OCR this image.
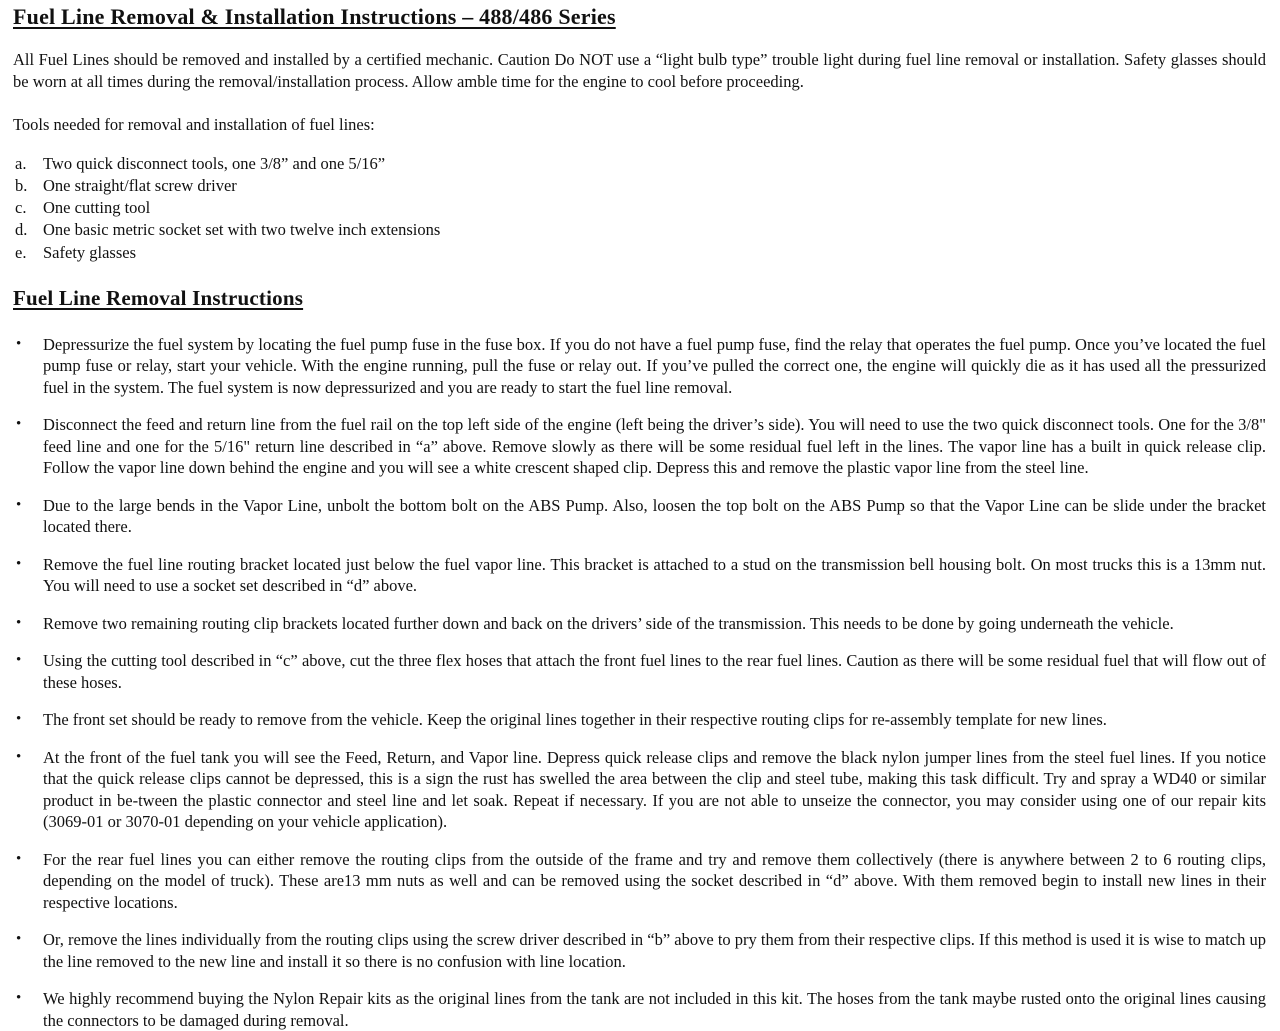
Fuel Line Removal & Installation Instructions – 488/486 Series

All Fuel Lines should be removed and installed by a certified mechanic. Caution Do NOT use a “light bulb type” trouble light during fuel line removal or installation. Safety glasses should be worn at all times during the removal/installation process. Allow amble time for the engine to cool before proceeding.

Tools needed for removal and installation of fuel lines:

a.	Two quick disconnect tools, one 3/8” and one 5/16”
b. One straight/flat screw driver
c.	One cutting tool
d. One basic metric socket set with two twelve inch extensions
e.	Safety glasses
Fuel Line Removal Instructions
•	Depressurize the fuel system by locating the fuel pump fuse in the fuse box. If you do not have a fuel pump fuse, find the relay that operates the fuel pump. Once you’ve located the fuel pump fuse or relay, start your vehicle. With the engine running, pull the fuse or relay out. If you’ve pulled the correct one, the engine will quickly die as it has used all the pressurized fuel in the system. The fuel system is now depressurized and you are ready to start the fuel line removal.
•	Disconnect the feed and return line from the fuel rail on the top left side of the engine (left being the driver’s side). You will need to use the two quick disconnect tools. One for the 3/8" feed line and one for the 5/16" return line described in “a” above. Remove slowly as there will be some residual fuel left in the lines. The vapor line has a built in quick release clip. Follow the vapor line down behind the engine and you will see a white crescent shaped clip. Depress this and remove the plastic vapor line from the steel line.
•	Due to the large bends in the Vapor Line, unbolt the bottom bolt on the ABS Pump. Also, loosen the top bolt on the ABS Pump so that the Vapor Line can be slide under the bracket located there.
•	Remove the fuel line routing bracket located just below the fuel vapor line. This bracket is attached to a stud on the transmission bell housing bolt. On most trucks this is a 13mm nut. You will need to use a socket set described in “d” above.
•	Remove two remaining routing clip brackets located further down and back on the drivers’ side of the transmission. This needs to be done by going underneath the vehicle.
•	Using the cutting tool described in “c” above, cut the three flex hoses that attach the front fuel lines to the rear fuel lines. Caution as there will be some residual fuel that will flow out of these hoses.
•	The front set should be ready to remove from the vehicle. Keep the original lines together in their respective routing clips for re-assembly template for new lines.
•	At the front of the fuel tank you will see the Feed, Return, and Vapor line. Depress quick release clips and remove the black nylon jumper lines from the steel fuel lines. If you notice that the quick release clips cannot be depressed, this is a sign the rust has swelled the area between the clip and steel tube, making this task difficult. Try and spray a WD40 or similar product in be-tween the plastic connector and steel line and let soak. Repeat if necessary. If you are not able to unseize the connector, you may consider using one of our repair kits (3069-01 or 3070-01 depending on your vehicle application).
•	For the rear fuel lines you can either remove the routing clips from the outside of the frame and try and remove them collectively (there is anywhere between 2 to 6 routing clips, depending on the model of truck). These are13 mm nuts as well and can be removed using the socket described in “d” above. With them removed begin to install new lines in their respective locations.
•	Or, remove the lines individually from the routing clips using the screw driver described in “b” above to pry them from their respective clips. If this method is used it is wise to match up the line removed to the new line and install it so there is no confusion with line location.
•	We highly recommend buying the Nylon Repair kits as the original lines from the tank are not included in this kit. The hoses from the tank maybe rusted onto the original lines causing the connectors to be damaged during removal.
